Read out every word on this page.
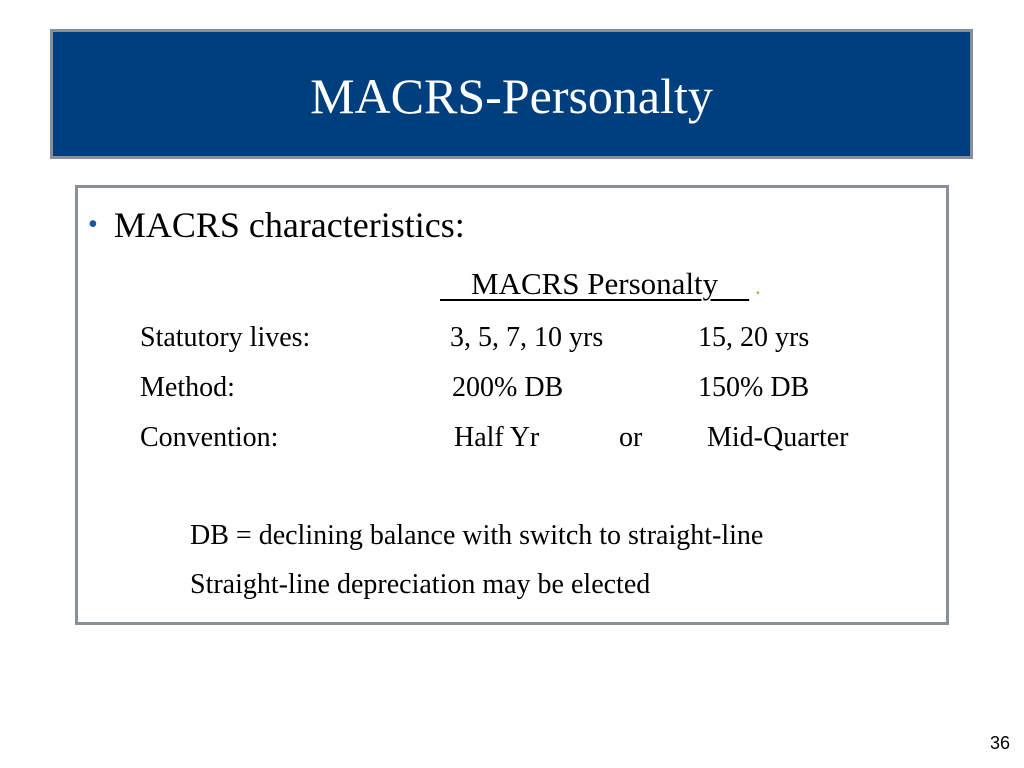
MACRS-Personalty
• MACRS characteristics:
MACRS Personalty    .
Statutory lives:	3, 5, 7, 10 yrs	15, 20 yrs
Method:	200% DB	150% DB
Convention:	Half Yr	or Mid-Quarter
DB = declining balance with switch to straight-line
Straight-line depreciation may be elected
36
